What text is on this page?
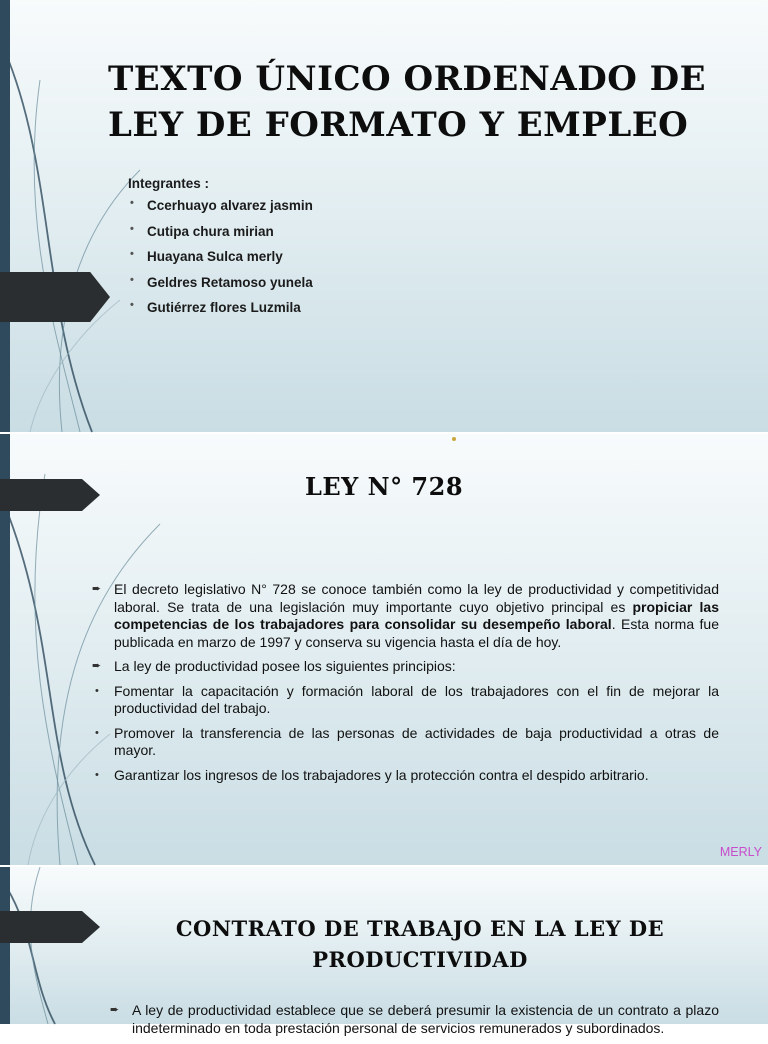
TEXTO ÚNICO ORDENADO DE
LEY DE FORMATO Y EMPLEO
Integrantes :
• Ccerhuayo alvarez jasmin
• Cutipa chura mirian
• Huayana Sulca merly
• Geldres Retamoso yunela
• Gutiérrez flores Luzmila
LEY N° 728
➨ El decreto legislativo N° 728 se conoce también como la ley de productividad y competitividad laboral. Se trata de una legislación muy importante cuyo objetivo principal es propiciar las competencias de los trabajadores para consolidar su desempeño laboral. Esta norma fue publicada en marzo de 1997 y conserva su vigencia hasta el día de hoy.
➨ La ley de productividad posee los siguientes principios:
• Fomentar la capacitación y formación laboral de los trabajadores con el fin de mejorar la productividad del trabajo.
• Promover la transferencia de las personas de actividades de baja productividad a otras de mayor.
• Garantizar los ingresos de los trabajadores y la protección contra el despido arbitrario.
MERLY
CONTRATO DE TRABAJO EN LA LEY DE
PRODUCTIVIDAD
➨ A ley de productividad establece que se deberá presumir la existencia de un contrato a plazo indeterminado en toda prestación personal de servicios remunerados y subordinados.
